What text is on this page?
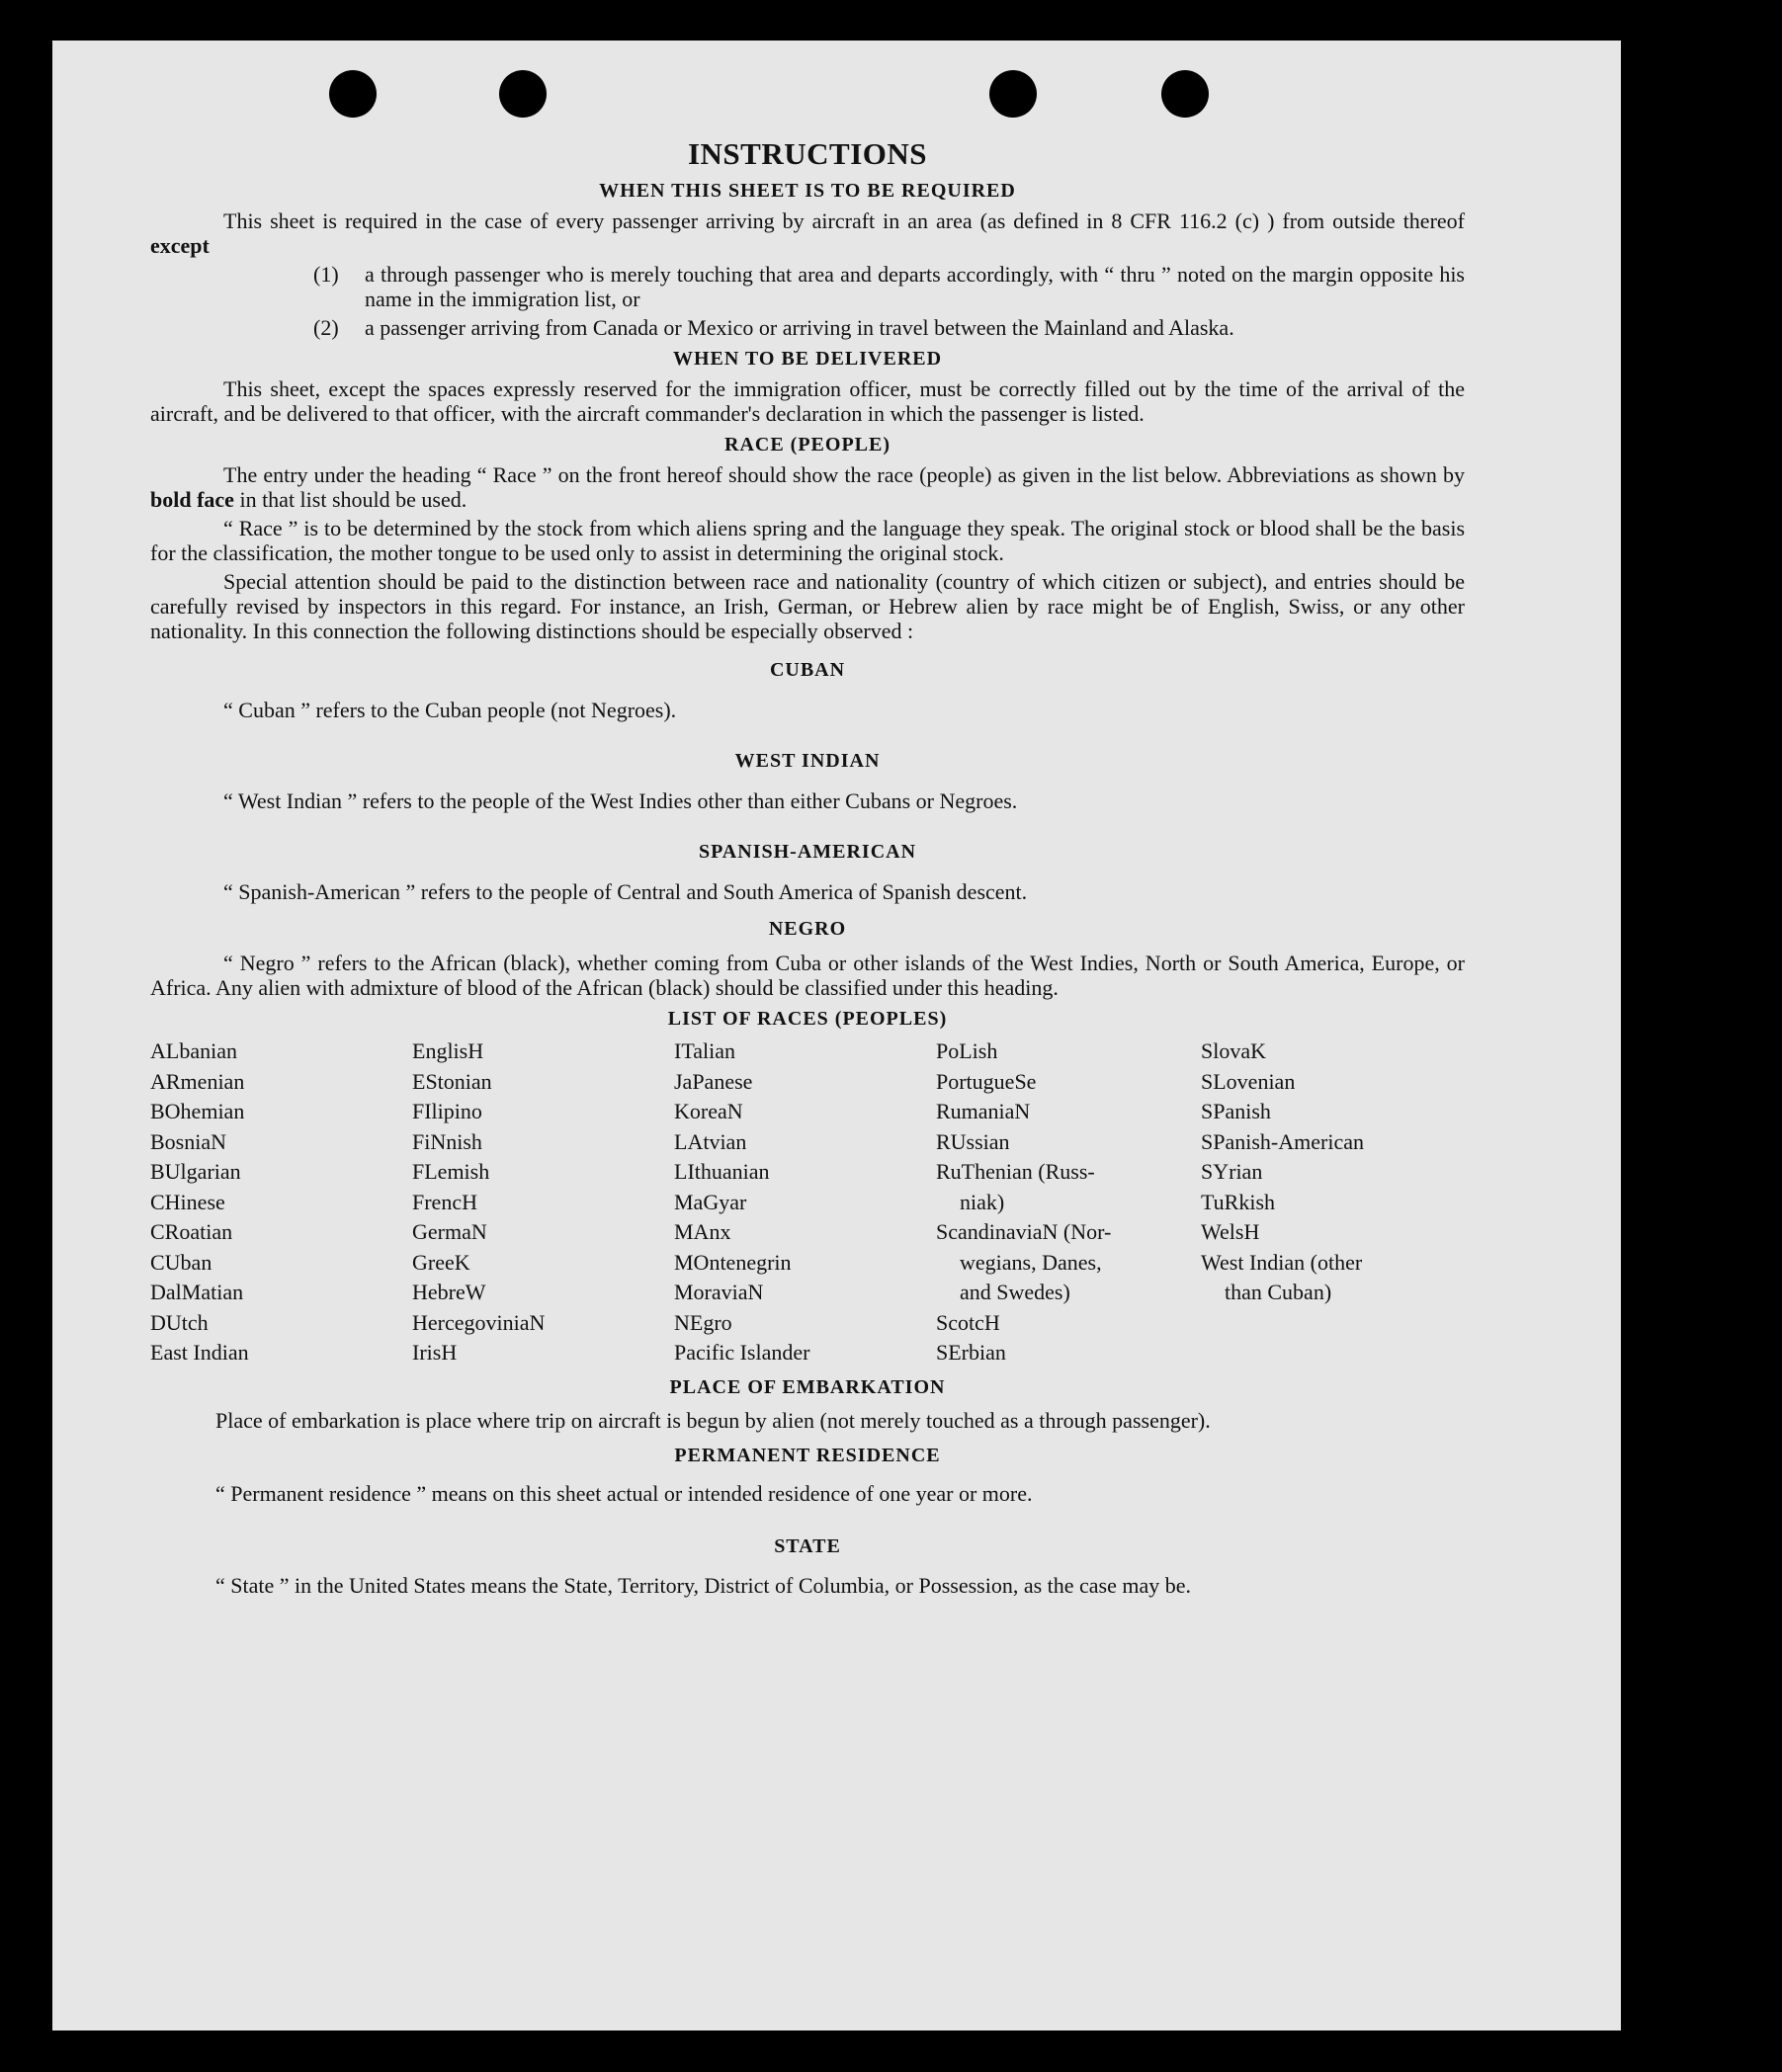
INSTRUCTIONS
WHEN THIS SHEET IS TO BE REQUIRED
This sheet is required in the case of every passenger arriving by aircraft in an area (as defined in 8 CFR 116.2 (c) ) from outside thereof except
(1)	a through passenger who is merely touching that area and departs accordingly, with “ thru ” noted on the margin opposite his name in the immigration list, or
(2)	a passenger arriving from Canada or Mexico or arriving in travel between the Mainland and Alaska.
WHEN TO BE DELIVERED
This sheet, except the spaces expressly reserved for the immigration officer, must be correctly filled out by the time of the arrival of the aircraft, and be delivered to that officer, with the aircraft commander's declaration in which the passenger is listed.
RACE (PEOPLE)
The entry under the heading “ Race ” on the front hereof should show the race (people) as given in the list below. Abbreviations as shown by bold face in that list should be used.
“ Race ” is to be determined by the stock from which aliens spring and the language they speak. The original stock or blood shall be the basis for the classification, the mother tongue to be used only to assist in determining the original stock.
Special attention should be paid to the distinction between race and nationality (country of which citizen or subject), and entries should be carefully revised by inspectors in this regard. For instance, an Irish, German, or Hebrew alien by race might be of English, Swiss, or any other nationality. In this connection the following distinctions should be especially observed :
CUBAN
“ Cuban ” refers to the Cuban people (not Negroes).
WEST INDIAN
“ West Indian ” refers to the people of the West Indies other than either Cubans or Negroes.
SPANISH-AMERICAN
“ Spanish-American ” refers to the people of Central and South America of Spanish descent.
NEGRO
“ Negro ” refers to the African (black), whether coming from Cuba or other islands of the West Indies, North or South America, Europe, or Africa. Any alien with admixture of blood of the African (black) should be classified under this heading.
LIST OF RACES (PEOPLES)
ALbanian
ARmenian
BOhemian
BosniaN
BUlgarian
CHinese
CRoatian
CUban
DalMatian
DUtch
East Indian
EnglisH
EStonian
FIlipino
FiNnish
FLemish
FrencH
GermaN
GreeK
HebreW
HercegoviniaN
IrisH
ITalian
JaPanese
KoreaN
LAtvian
LIthuanian
MaGyar
MAnx
MOntenegrin
MoraviaN
NEgro
Pacific Islander
PoLish
PortugueSe
RumaniaN
RUssian
RuThenian (Russ-
niak)
ScandinaviaN (Nor-
wegians, Danes,
and Swedes)
ScotcH
SErbian
SlovaK
SLovenian
SPanish
SPanish-American
SYrian
TuRkish
WelsH
West Indian (other
than Cuban)
PLACE OF EMBARKATION
Place of embarkation is place where trip on aircraft is begun by alien (not merely touched as a through passenger).
PERMANENT RESIDENCE
“ Permanent residence ” means on this sheet actual or intended residence of one year or more.
STATE
“ State ” in the United States means the State, Territory, District of Columbia, or Possession, as the case may be.
